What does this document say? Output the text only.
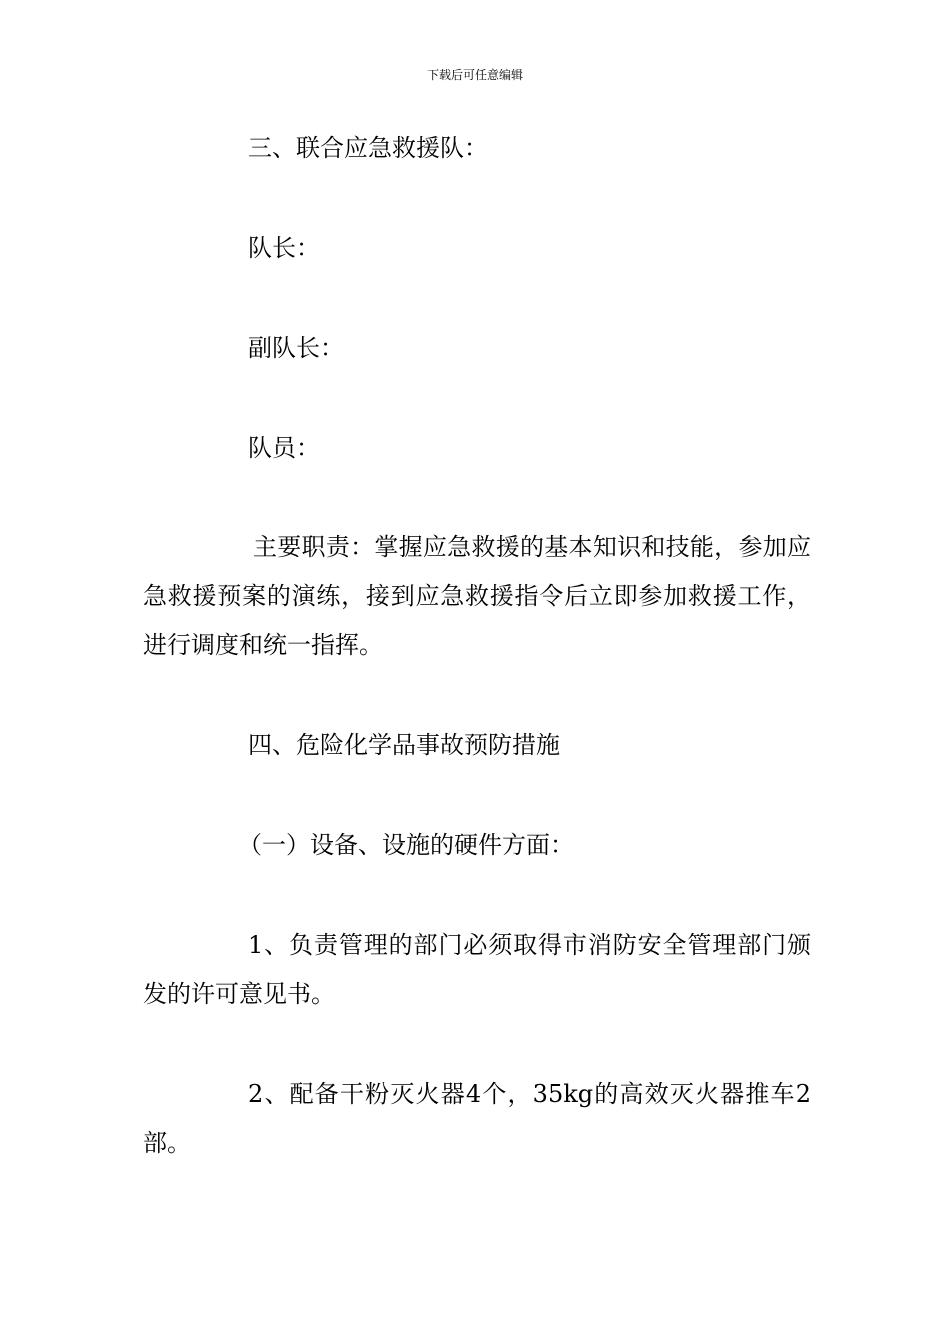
下载后可任意编辑

三、联合应急救援队：

队长：

副队长：

队员：

主要职责：掌握应急救援的基本知识和技能，参加应急救援预案的演练，接到应急救援指令后立即参加救援工作，进行调度和统一指挥。

四、危险化学品事故预防措施

（一）设备、设施的硬件方面：

1、负责管理的部门必须取得市消防安全管理部门颁发的许可意见书。

2、配备干粉灭火器4个，35kg的高效灭火器推车2部。
